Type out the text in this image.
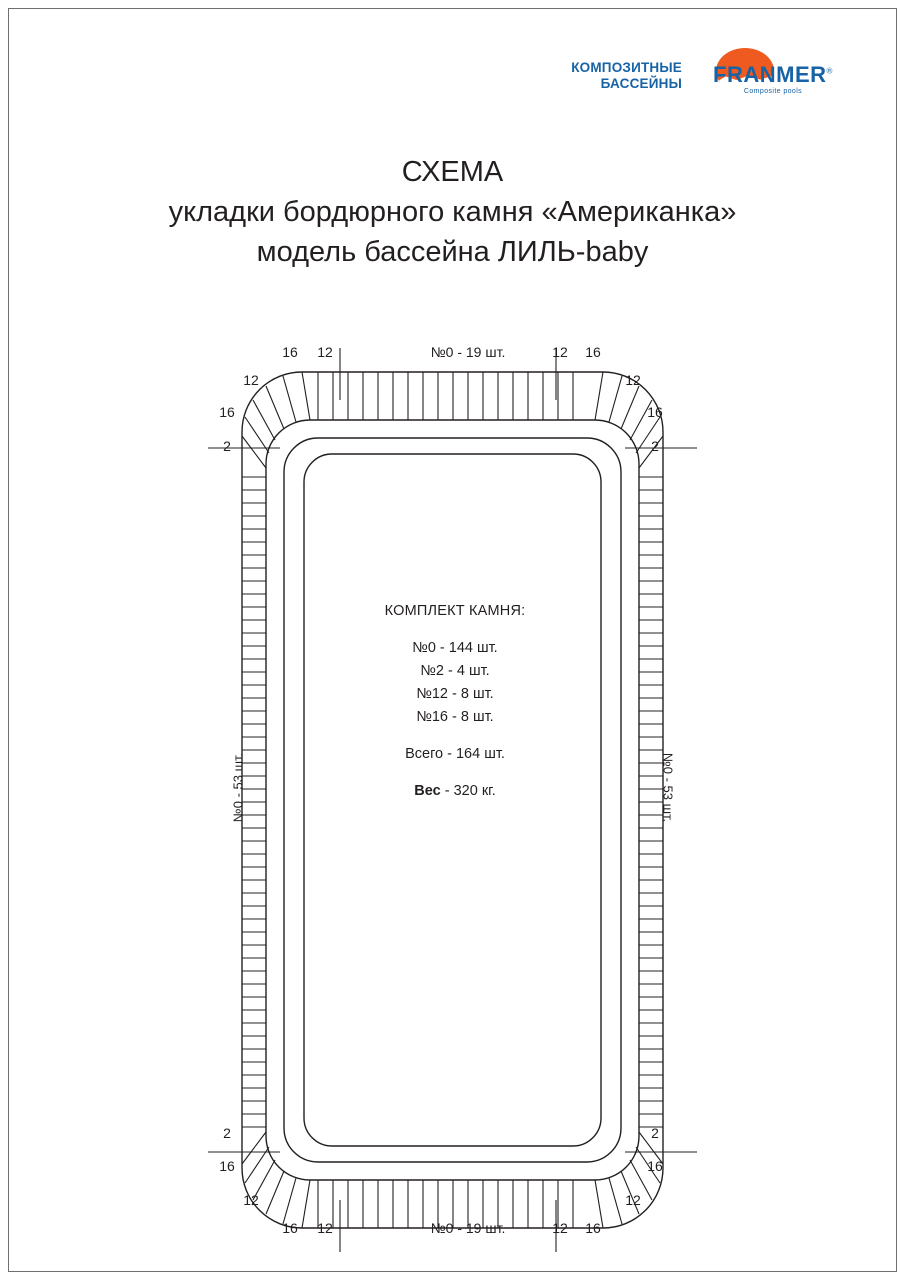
КОМПОЗИТНЫЕ
БАССЕЙНЫ	FRANMER®
Composite pools
СХЕМА
укладки бордюрного камня «Американка»
модель бассейна ЛИЛЬ-baby
16	12	№0 - 19 шт.	12	16
12
16
2
12
16
2
2
16
12
16	12	№0 - 19 шт.
2
16
12
12	16
№0 - 53 шт.	№0 - 53 шт.
КОМПЛЕКТ КАМНЯ:
№0 - 144 шт.
№2 - 4 шт.
№12 - 8 шт.
№16 - 8 шт.
Всего - 164 шт.
Вес - 320 кг.
